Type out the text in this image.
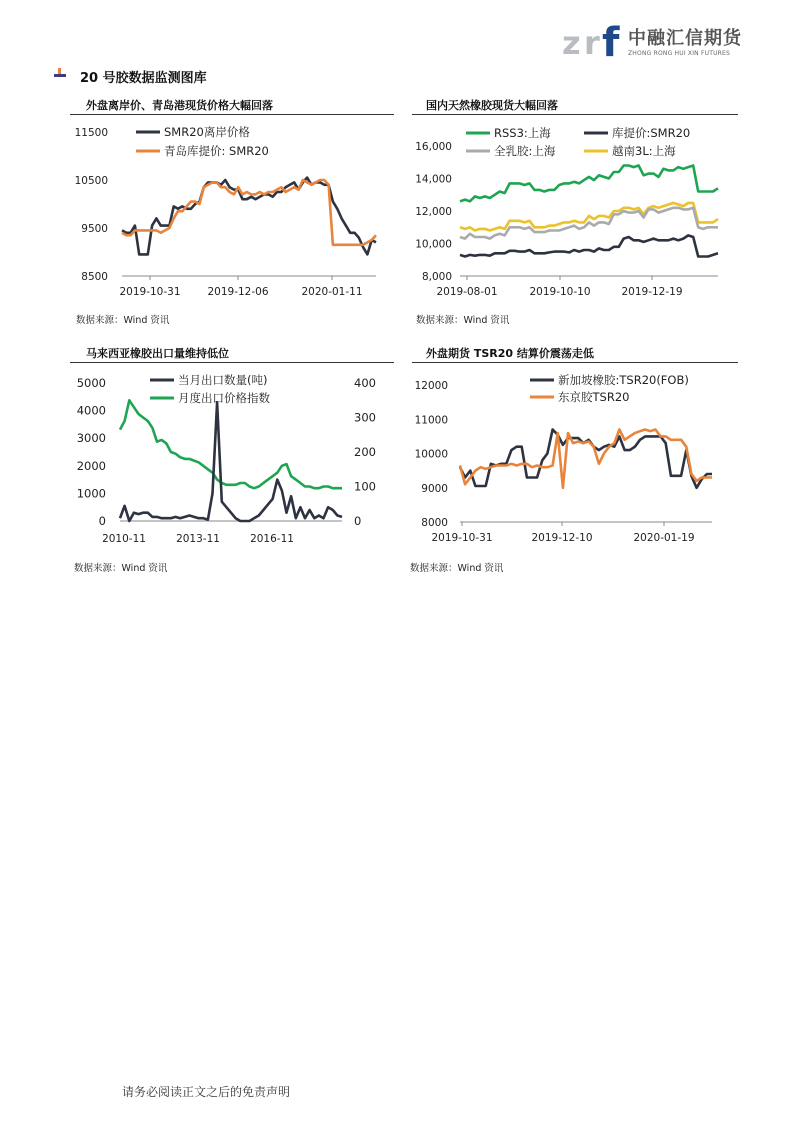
z r f 中融汇信期货
ZHONG RONG HUI XIN FUTURES
20 号胶数据监测图库
外盘离岸价、青岛港现货价格大幅回落	国内天然橡胶现货大幅回落
马来西亚橡胶出口量维持低位	外盘期货 TSR20 结算价震荡走低
11500
10500
9500
8500
2019-10-31	2019-12-06	2020-01-11
SMR20离岸价格
青岛库提价: SMR20	16,000
14,000
12,000
10,000
8,000
2019-08-01	2019-10-10	2019-12-19
RSS3:上海	库提价:SMR20
全乳胶:上海	越南3L:上海
5000
4000
3000
2000
1000
0
400
300
200
100
0
2010-11	2013-11	2016-11
当月出口数量(吨)
月度出口价格指数
12000
11000
10000
9000
8000
2019-10-31	2019-12-10	2020-01-19
新加坡橡胶:TSR20(FOB)
东京胶TSR20
数据来源：Wind 资讯	数据来源：Wind 资讯
数据来源：Wind 资讯	数据来源：Wind 资讯
请务必阅读正文之后的免责声明
